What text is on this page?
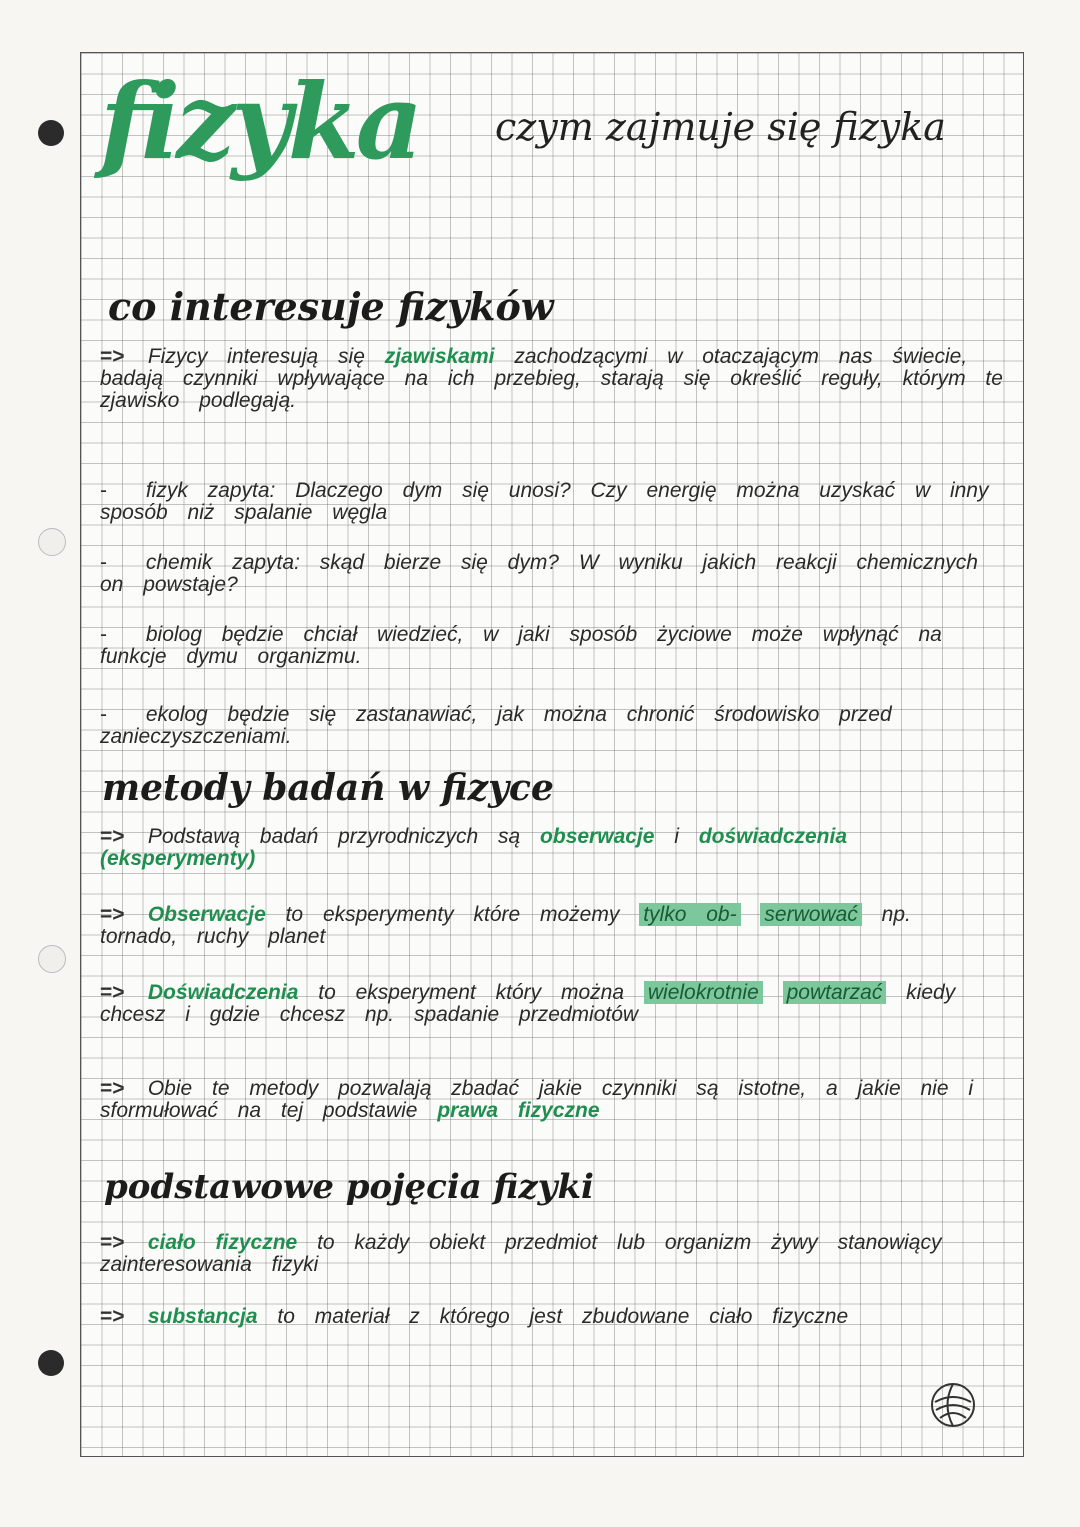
fizyka czym zajmuje się fizyka
co interesuje fizyków
=> Fizycy interesują się zjawiskami zachodzącymi w otaczającym nas świecie, badają czynniki wpływające na ich przebieg, starają się określić reguły, którym te zjawisko podlegają.
- fizyk zapyta: Dlaczego dym się unosi? Czy energię można uzyskać w inny sposób niż spalanie węgla
- chemik zapyta: skąd bierze się dym? W wyniku jakich reakcji chemicznych on powstaje?
- biolog będzie chciał wiedzieć, w jaki sposób życiowe może wpłynąć na funkcje dymu organizmu.
- ekolog będzie się zastanawiać, jak można chronić środowisko przed zanieczyszczeniami.
metody badań w fizyce
=> Podstawą badań przyrodniczych są obserwacje i doświadczenia (eksperymenty)
=> Obserwacje to eksperymenty które możemy tylko ob- serwować np. tornado, ruchy planet
=> Doświadczenia to eksperyment który można wielokrotnie powtarzać kiedy chcesz i gdzie chcesz np. spadanie przedmiotów
=> Obie te metody pozwalają zbadać jakie czynniki są istotne, a jakie nie i sformułować na tej podstawie prawa fizyczne
podstawowe pojęcia fizyki
=> ciało fizyczne to każdy obiekt przedmiot lub organizm żywy stanowiący zainteresowania fizyki
=> substancja to materiał z którego jest zbudowane ciało fizyczne
